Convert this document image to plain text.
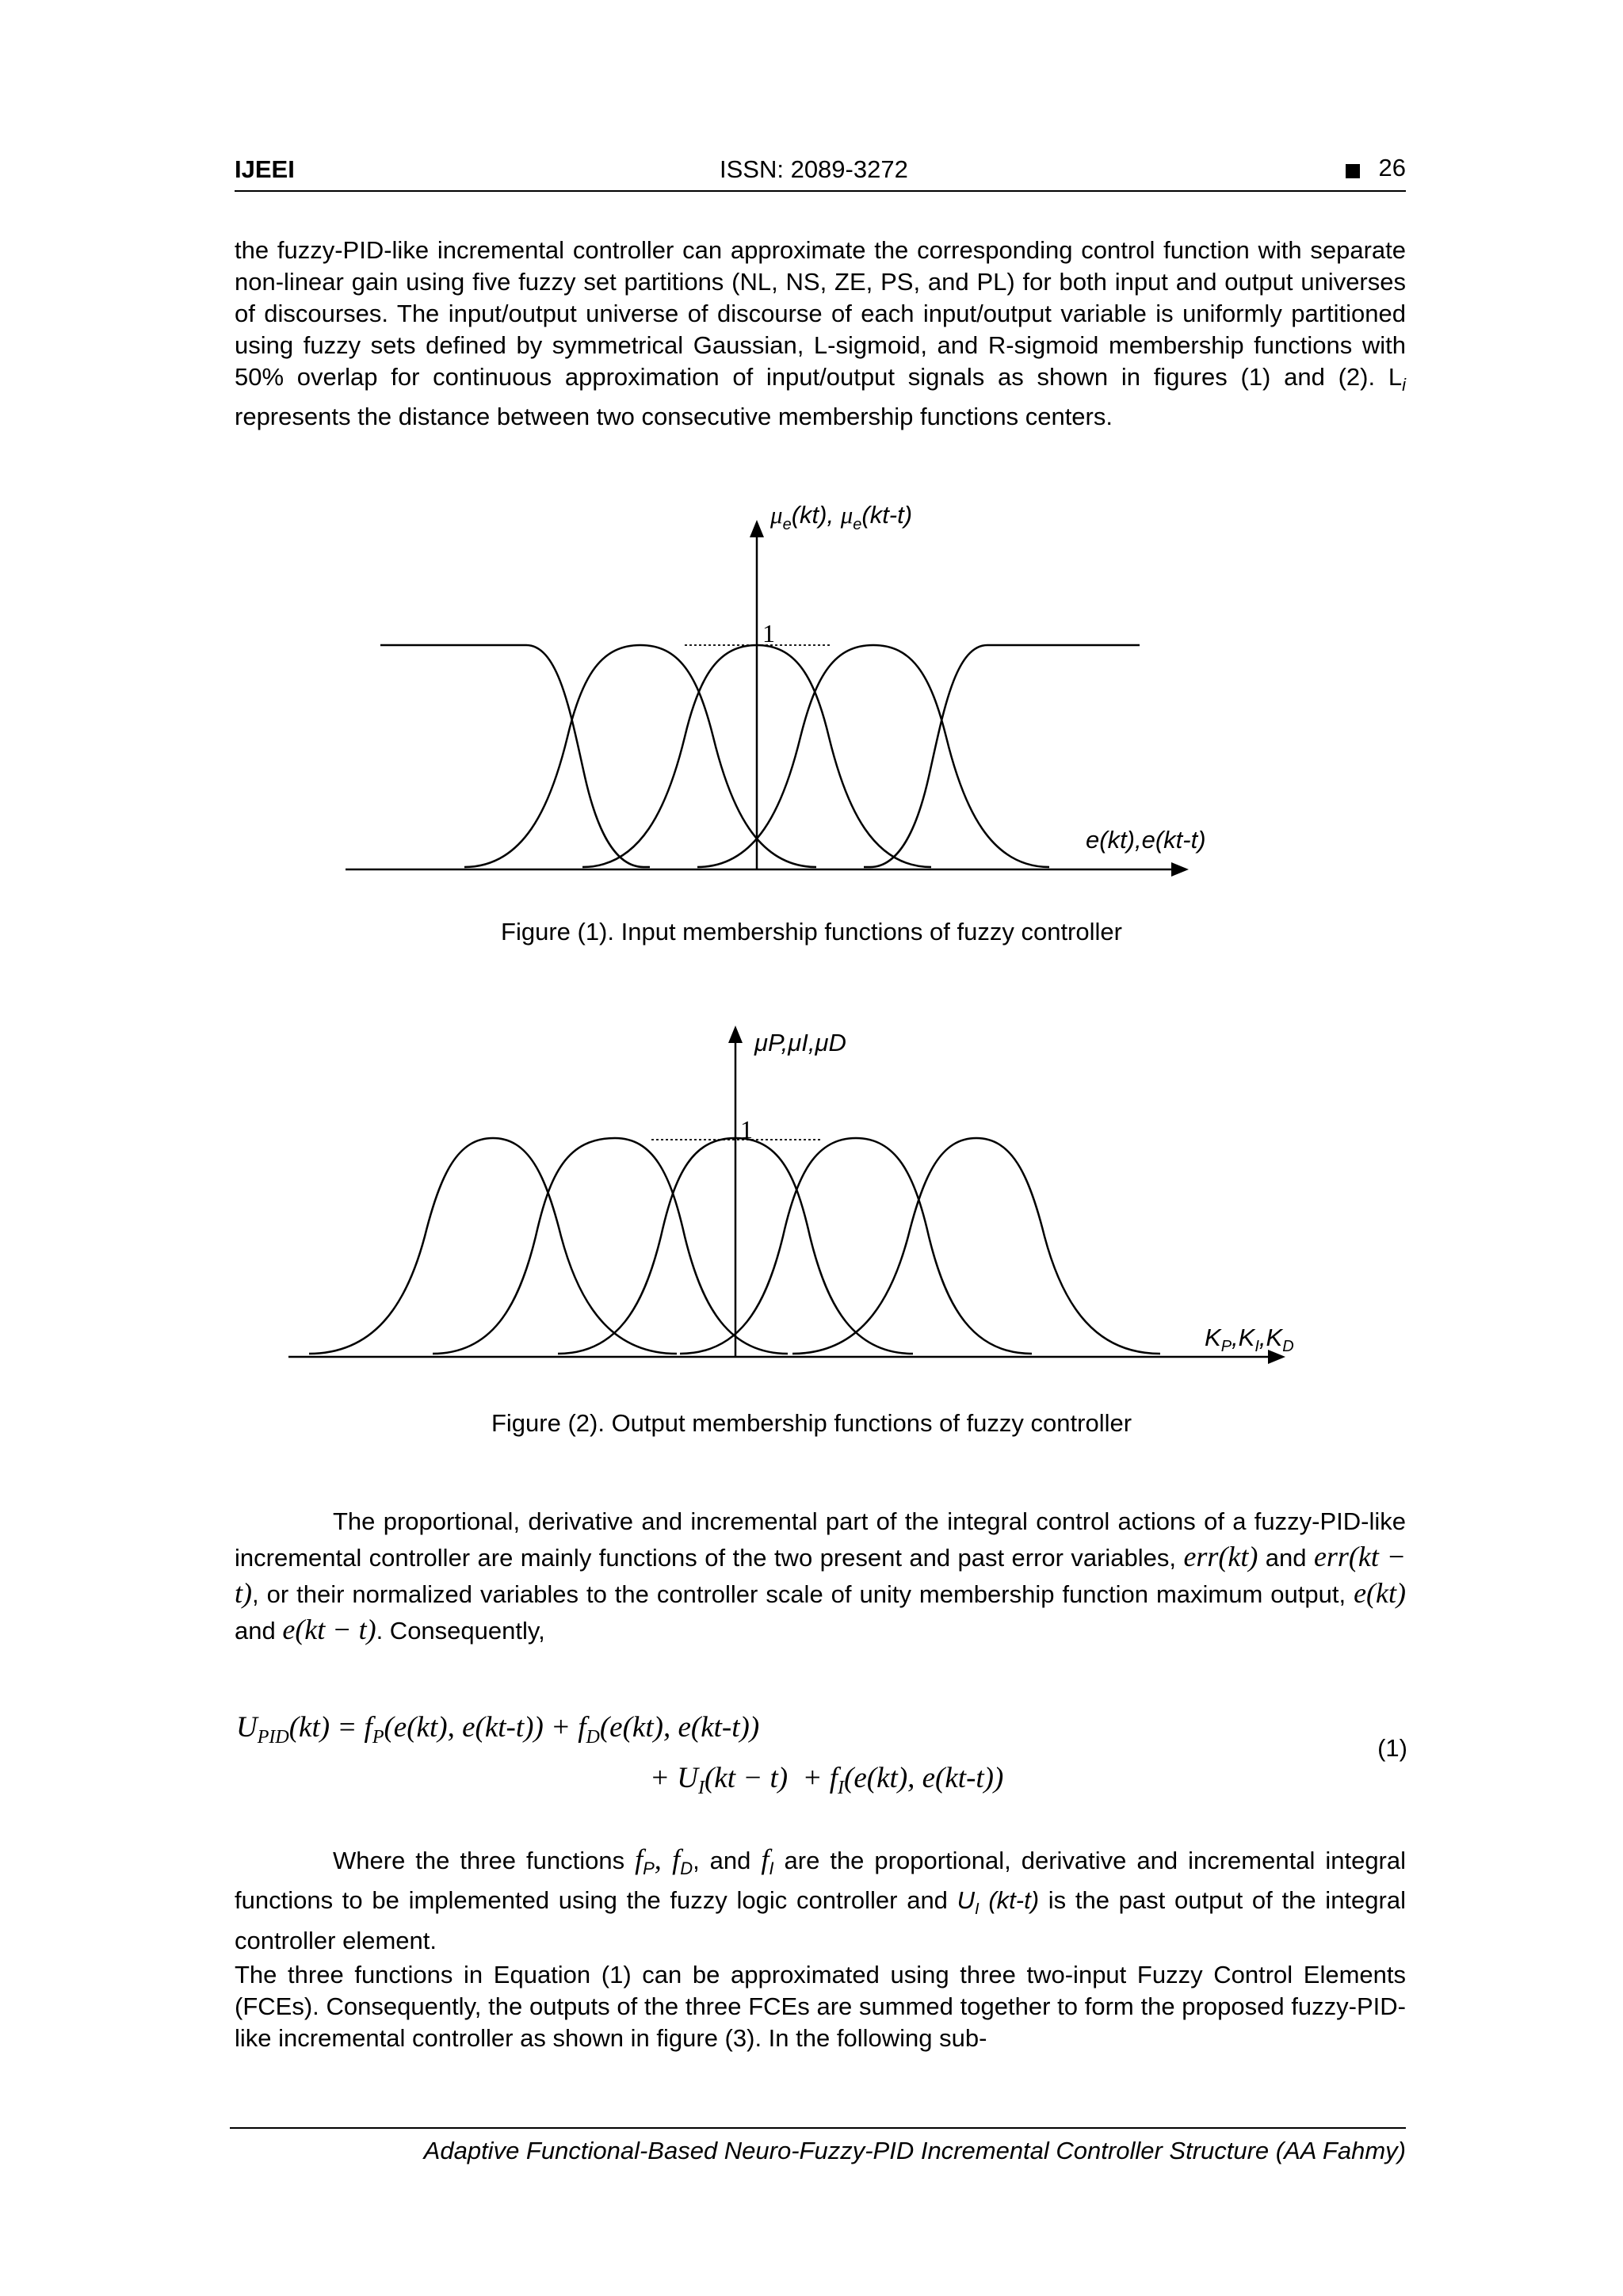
IJEEI	ISSN: 2089-3272	26

the fuzzy-PID-like incremental controller can approximate the corresponding control function with separate non-linear gain using five fuzzy set partitions (NL, NS, ZE, PS, and PL) for both input and output universes of discourses. The input/output universe of discourse of each input/output variable is uniformly partitioned using fuzzy sets defined by symmetrical Gaussian, L-sigmoid, and R-sigmoid membership functions with 50% overlap for continuous approximation of input/output signals as shown in figures (1) and (2). $L_i$ represents the distance between two consecutive membership functions centers.

$\mu_e(kt)$, $\mu_e(kt-t)$
1
e(kt),e(kt-t)
Figure (1). Input membership functions of fuzzy controller
μP,μI,μD
1
$K_P,K_I,K_D$
Figure (2). Output membership functions of fuzzy controller

The proportional, derivative and incremental part of the integral control actions of a fuzzy-PID-like incremental controller are mainly functions of the two present and past error variables, err(kt) and err(kt − t), or their normalized variables to the controller scale of unity membership function maximum output, e(kt) and e(kt − t). Consequently,

$U_{PID}(kt) = f_P(e(kt)$, $e(kt-t)) + f_D(e(kt)$, e(kt-t))
+ $U_I(kt - t) + f_I(e(kt)$, e(kt-t))
(1)

Where the three functions $f_P$, $f_D$, and $f_I$ are the proportional, derivative and incremental integral functions to be implemented using the fuzzy logic controller and $U_I$ (kt-t) is the past output of the integral controller element.

The three functions in Equation (1) can be approximated using three two-input Fuzzy Control Elements (FCEs). Consequently, the outputs of the three FCEs are summed together to form the proposed fuzzy-PID-like incremental controller as shown in figure (3). In the following sub-

Adaptive Functional-Based Neuro-Fuzzy-PID Incremental Controller Structure (AA Fahmy)
